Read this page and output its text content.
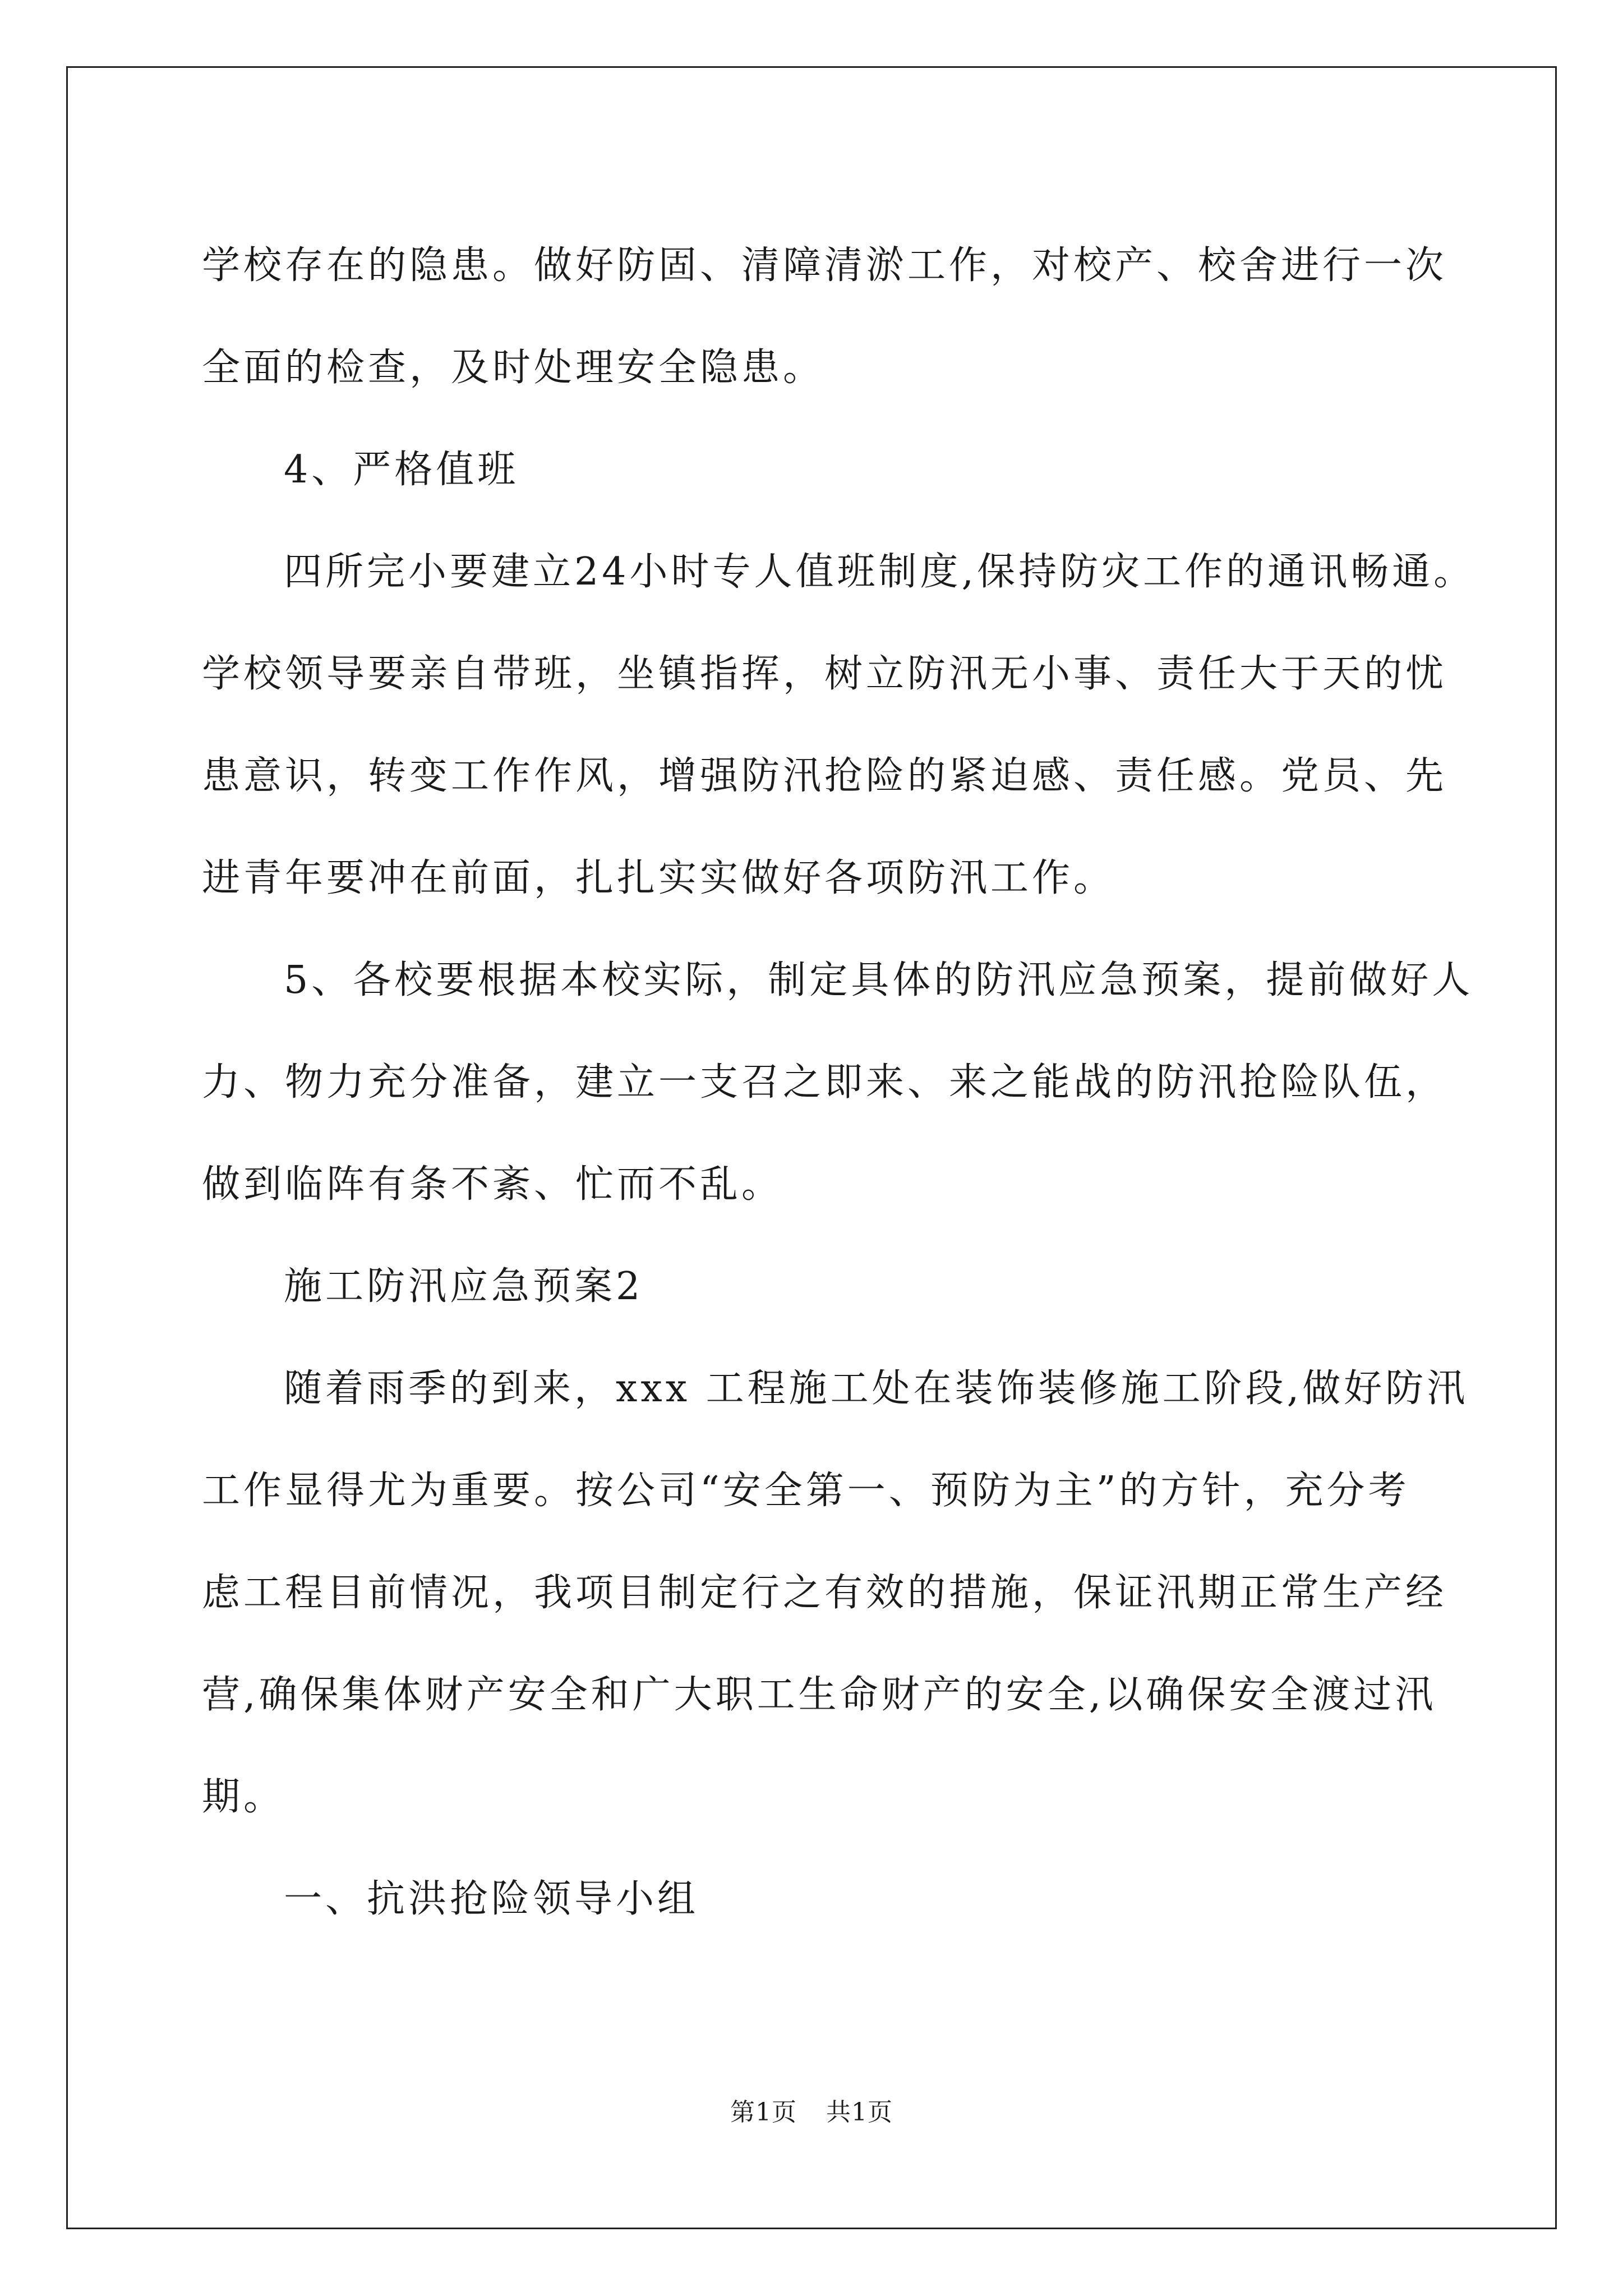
学校存在的隐患。做好防固、清障清淤工作，对校产、校舍进行一次
全面的检查，及时处理安全隐患。
4、严格值班
四所完小要建立24小时专人值班制度,保持防灾工作的通讯畅通。
学校领导要亲自带班，坐镇指挥，树立防汛无小事、责任大于天的忧
患意识，转变工作作风，增强防汛抢险的紧迫感、责任感。党员、先
进青年要冲在前面，扎扎实实做好各项防汛工作。
5、各校要根据本校实际，制定具体的防汛应急预案，提前做好人
力、物力充分准备，建立一支召之即来、来之能战的防汛抢险队伍，
做到临阵有条不紊、忙而不乱。
施工防汛应急预案2
随着雨季的到来，xxx 工程施工处在装饰装修施工阶段,做好防汛
工作显得尤为重要。按公司“安全第一、预防为主”的方针，充分考
虑工程目前情况，我项目制定行之有效的措施，保证汛期正常生产经
营,确保集体财产安全和广大职工生命财产的安全,以确保安全渡过汛
期。
一、抗洪抢险领导小组
第1页 共1页
